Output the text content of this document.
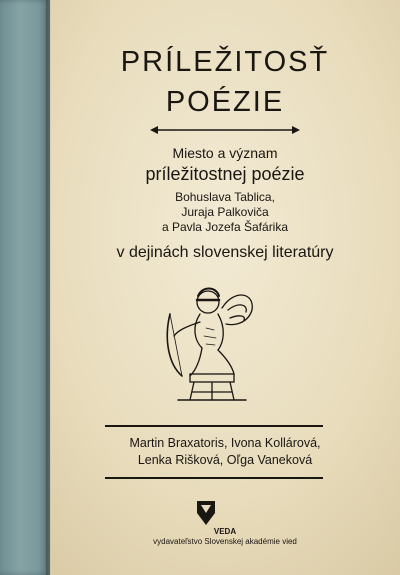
PRÍLEŽITOSŤ
POÉZIE
Miesto a význam
príležitostnej poézie
Bohuslava Tablica,
Juraja Palkoviča
a Pavla Jozefa Šafárika
v dejinách slovenskej literatúry
Martin Braxatoris, Ivona Kollárová,
Lenka Rišková, Oľga Vaneková
VEDA
vydavateľstvo Slovenskej akadémie vied
